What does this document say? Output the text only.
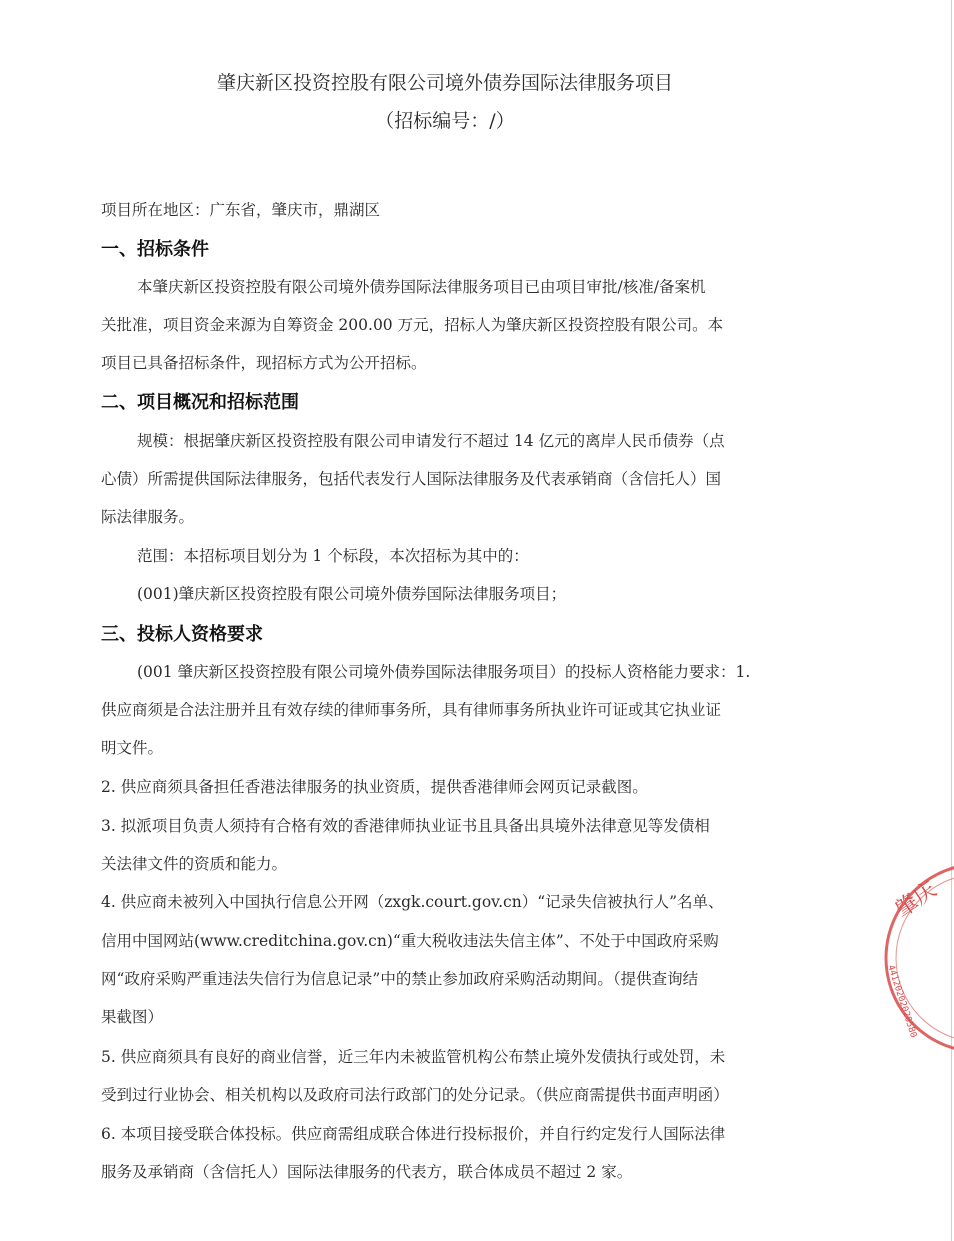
肇庆新区投资控股有限公司境外债券国际法律服务项目
（招标编号：/）
项目所在地区：广东省，肇庆市，鼎湖区
一、招标条件
本肇庆新区投资控股有限公司境外债券国际法律服务项目已由项目审批/核准/备案机
关批准，项目资金来源为自筹资金 200.00 万元，招标人为肇庆新区投资控股有限公司。本
项目已具备招标条件，现招标方式为公开招标。
二、项目概况和招标范围
规模：根据肇庆新区投资控股有限公司申请发行不超过 14 亿元的离岸人民币债券（点
心债）所需提供国际法律服务，包括代表发行人国际法律服务及代表承销商（含信托人）国
际法律服务。
范围：本招标项目划分为 1 个标段，本次招标为其中的：
(001)肇庆新区投资控股有限公司境外债券国际法律服务项目；
三、投标人资格要求
(001 肇庆新区投资控股有限公司境外债券国际法律服务项目）的投标人资格能力要求：1.
供应商须是合法注册并且有效存续的律师事务所，具有律师事务所执业许可证或其它执业证
明文件。
2. 供应商须具备担任香港法律服务的执业资质，提供香港律师会网页记录截图。
3. 拟派项目负责人须持有合格有效的香港律师执业证书且具备出具境外法律意见等发债相
关法律文件的资质和能力。
4. 供应商未被列入中国执行信息公开网（zxgk.court.gov.cn）“记录失信被执行人”名单、
信用中国网站(www.creditchina.gov.cn)“重大税收违法失信主体”、不处于中国政府采购
网“政府采购严重违法失信行为信息记录”中的禁止参加政府采购活动期间。（提供查询结
果截图）
5. 供应商须具有良好的商业信誉，近三年内未被监管机构公布禁止境外发债执行或处罚，未
受到过行业协会、相关机构以及政府司法行政部门的处分记录。（供应商需提供书面声明函）
6. 本项目接受联合体投标。供应商需组成联合体进行投标报价，并自行约定发行人国际法律
服务及承销商（含信托人）国际法律服务的代表方，联合体成员不超过 2 家。
肇庆
44120202020580
